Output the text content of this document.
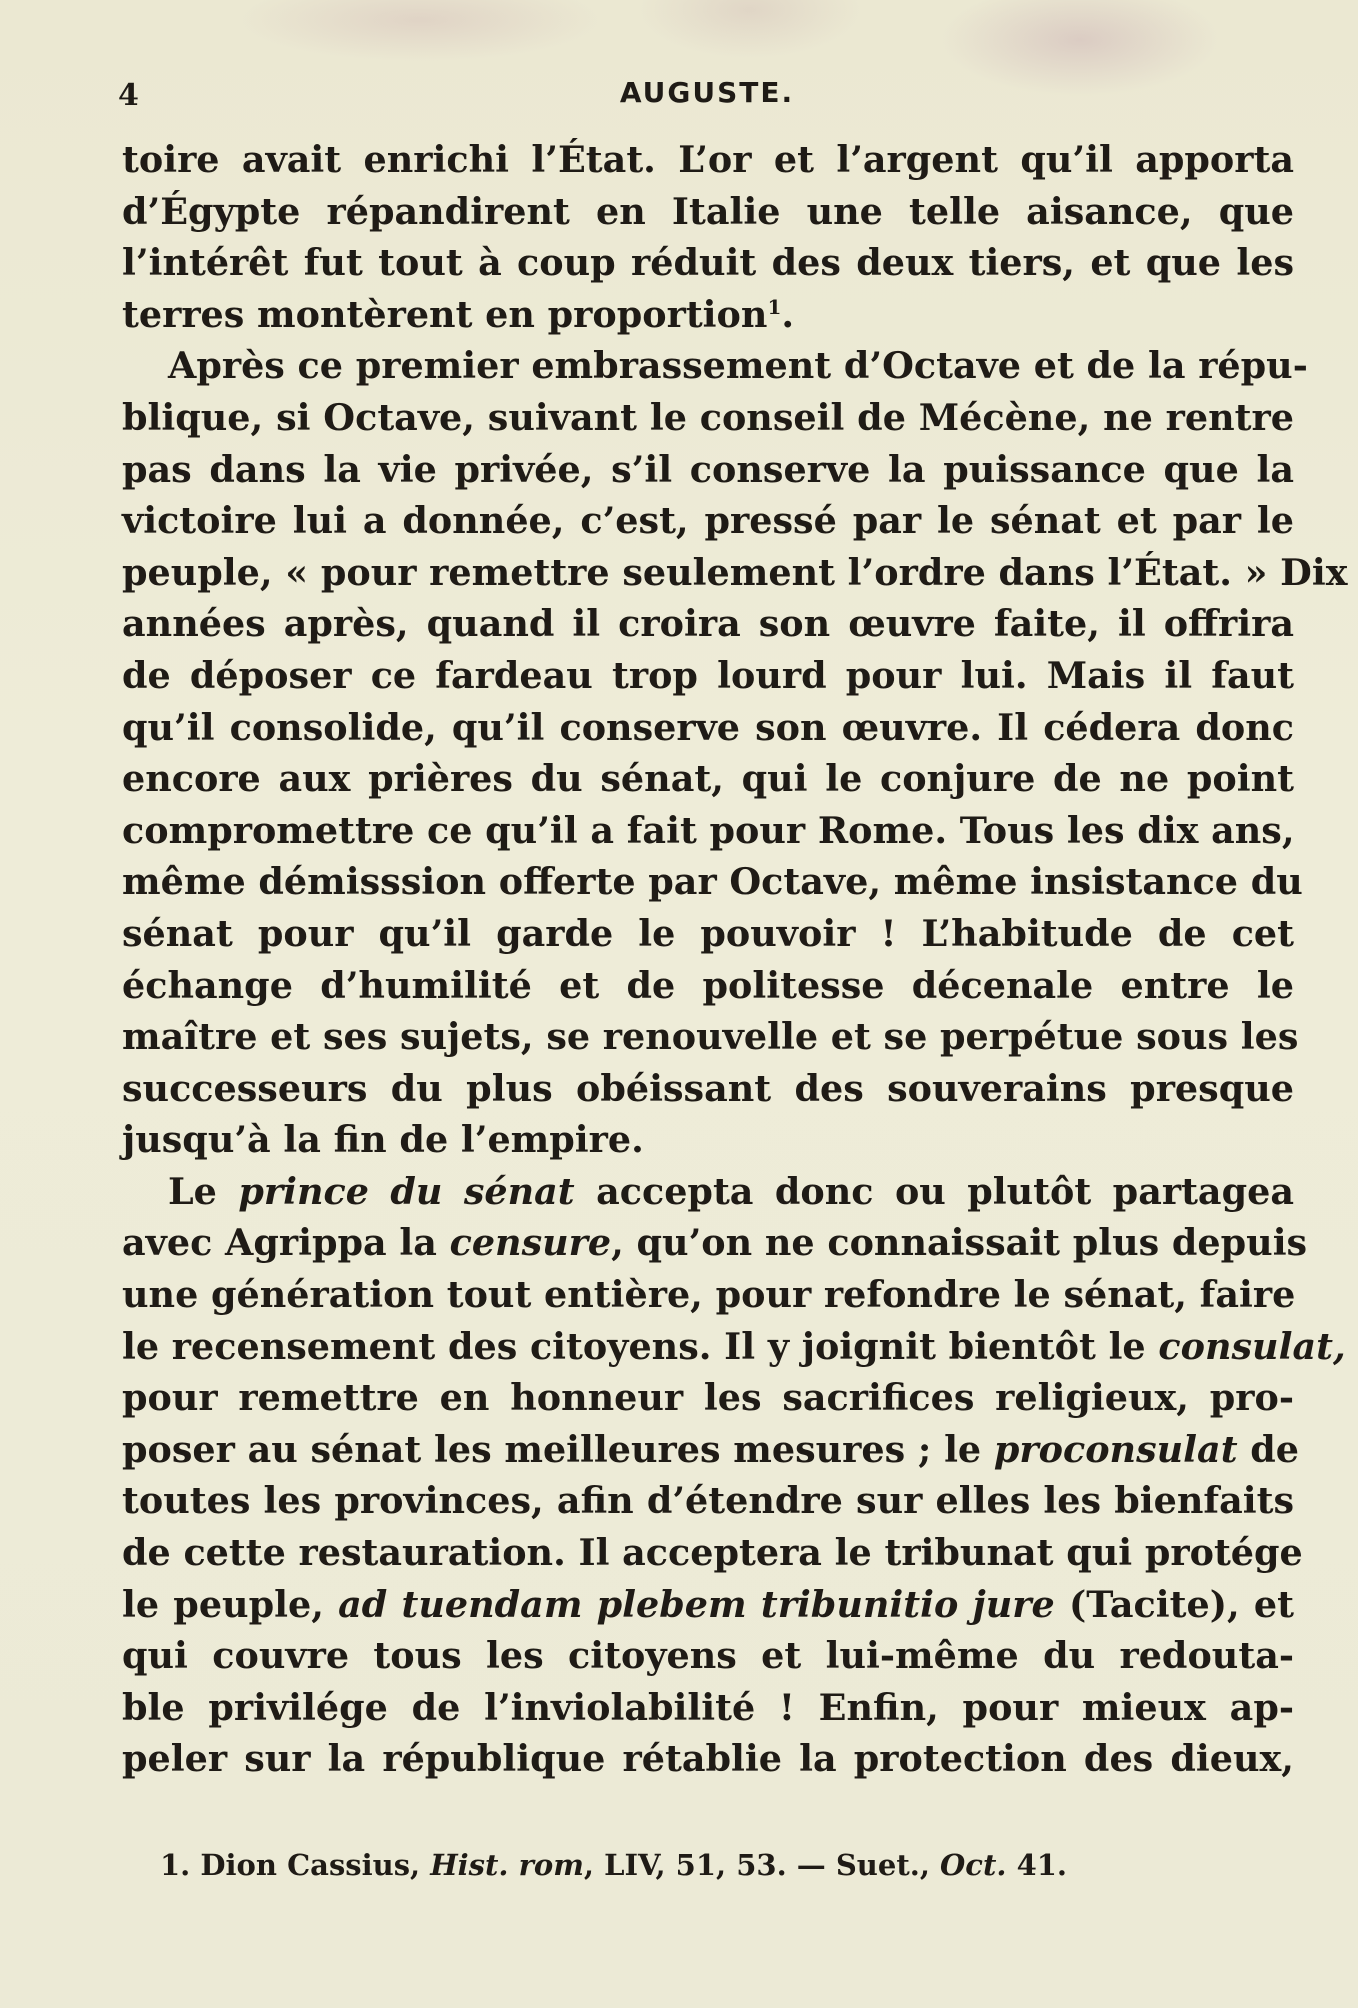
4	AUGUSTE.
toire avait enrichi l’État. L’or et l’argent qu’il apporta
d’Égypte répandirent en Italie une telle aisance, que
l’intérêt fut tout à coup réduit des deux tiers, et que les
terres montèrent en proportion$^1$.
Après ce premier embrassement d’Octave et de la répu-
blique, si Octave, suivant le conseil de Mécène, ne rentre
pas dans la vie privée, s’il conserve la puissance que la
victoire lui a donnée, c’est, pressé par le sénat et par le
peuple, « pour remettre seulement l’ordre dans l’État. » Dix
années après, quand il croira son œuvre faite, il offrira
de déposer ce fardeau trop lourd pour lui. Mais il faut
qu’il consolide, qu’il conserve son œuvre. Il cédera donc
encore aux prières du sénat, qui le conjure de ne point
compromettre ce qu’il a fait pour Rome. Tous les dix ans,
même démisssion offerte par Octave, même insistance du
sénat pour qu’il garde le pouvoir ! L’habitude de cet
échange d’humilité et de politesse décenale entre le
maître et ses sujets, se renouvelle et se perpétue sous les
successeurs du plus obéissant des souverains presque
jusqu’à la fin de l’empire.
Le prince du sénat accepta donc ou plutôt partagea
avec Agrippa la censure, qu’on ne connaissait plus depuis
une génération tout entière, pour refondre le sénat, faire
le recensement des citoyens. Il y joignit bientôt le consulat,
pour remettre en honneur les sacrifices religieux, pro-
poser au sénat les meilleures mesures ; le proconsulat de
toutes les provinces, afin d’étendre sur elles les bienfaits
de cette restauration. Il acceptera le tribunat qui protége
le peuple, ad tuendam plebem tribunitio jure (Tacite), et
qui couvre tous les citoyens et lui-même du redouta-
ble privilége de l’inviolabilité ! Enfin, pour mieux ap-
peler sur la république rétablie la protection des dieux,
1. Dion Cassius, Hist. rom, LIV, 51, 53. — Suet., Oct. 41.
